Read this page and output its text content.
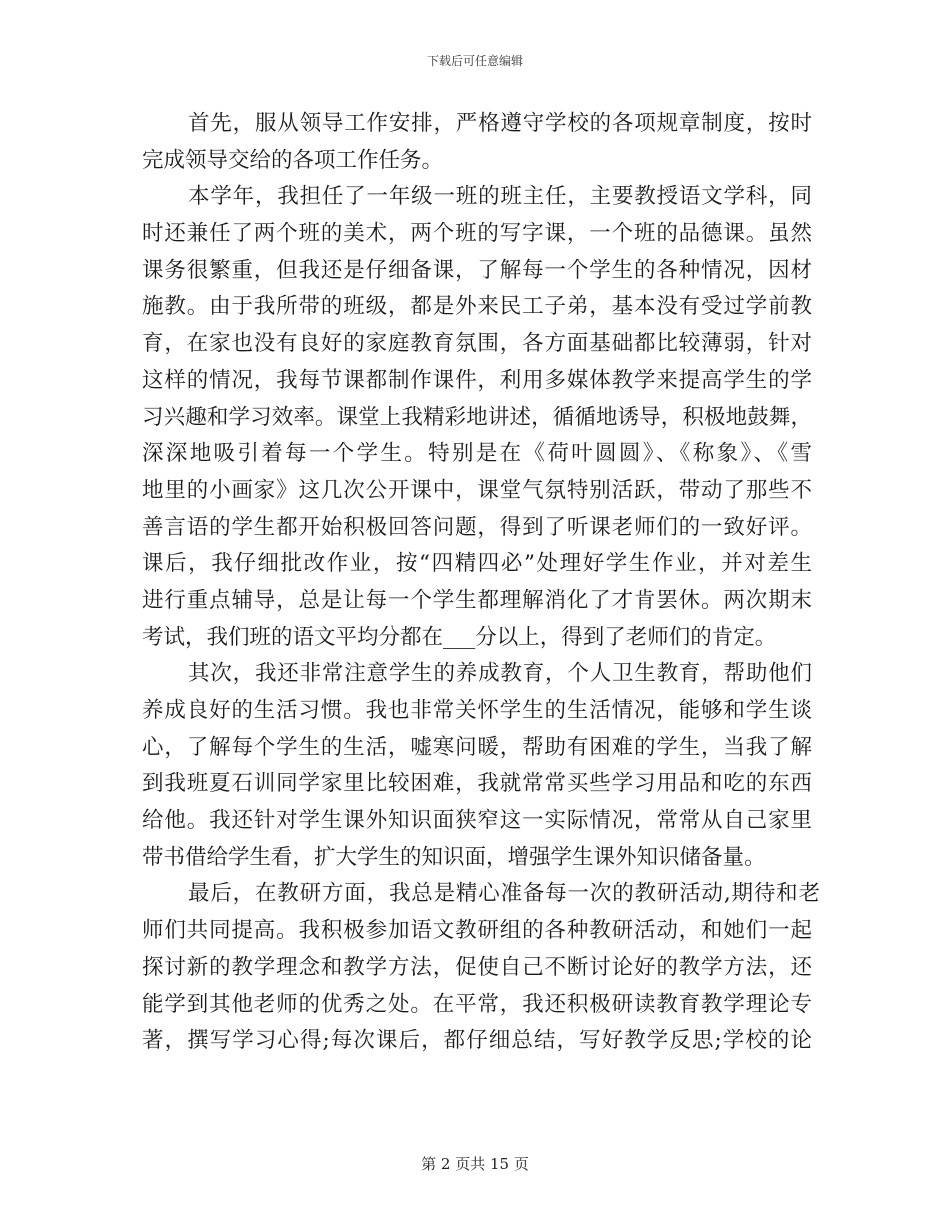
下载后可任意编辑
首先，服从领导工作安排，严格遵守学校的各项规章制度，按时
完成领导交给的各项工作任务。
本学年，我担任了一年级一班的班主任，主要教授语文学科，同
时还兼任了两个班的美术，两个班的写字课，一个班的品德课。虽然
课务很繁重，但我还是仔细备课，了解每一个学生的各种情况，因材
施教。由于我所带的班级，都是外来民工子弟，基本没有受过学前教
育，在家也没有良好的家庭教育氛围，各方面基础都比较薄弱，针对
这样的情况，我每节课都制作课件，利用多媒体教学来提高学生的学
习兴趣和学习效率。课堂上我精彩地讲述，循循地诱导，积极地鼓舞，
深深地吸引着每一个学生。特别是在《荷叶圆圆》、《称象》、《雪
地里的小画家》这几次公开课中，课堂气氛特别活跃，带动了那些不
善言语的学生都开始积极回答问题，得到了听课老师们的一致好评。
课后，我仔细批改作业，按“四精四必”处理好学生作业，并对差生
进行重点辅导，总是让每一个学生都理解消化了才肯罢休。两次期末
考试，我们班的语文平均分都在___分以上，得到了老师们的肯定。
其次，我还非常注意学生的养成教育，个人卫生教育，帮助他们
养成良好的生活习惯。我也非常关怀学生的生活情况，能够和学生谈
心，了解每个学生的生活，嘘寒问暖，帮助有困难的学生，当我了解
到我班夏石训同学家里比较困难，我就常常买些学习用品和吃的东西
给他。我还针对学生课外知识面狭窄这一实际情况，常常从自己家里
带书借给学生看，扩大学生的知识面，增强学生课外知识储备量。
最后，在教研方面，我总是精心准备每一次的教研活动,期待和老
师们共同提高。我积极参加语文教研组的各种教研活动，和她们一起
探讨新的教学理念和教学方法，促使自己不断讨论好的教学方法，还
能学到其他老师的优秀之处。在平常，我还积极研读教育教学理论专
著，撰写学习心得;每次课后，都仔细总结，写好教学反思;学校的论
第 2 页共 15 页
